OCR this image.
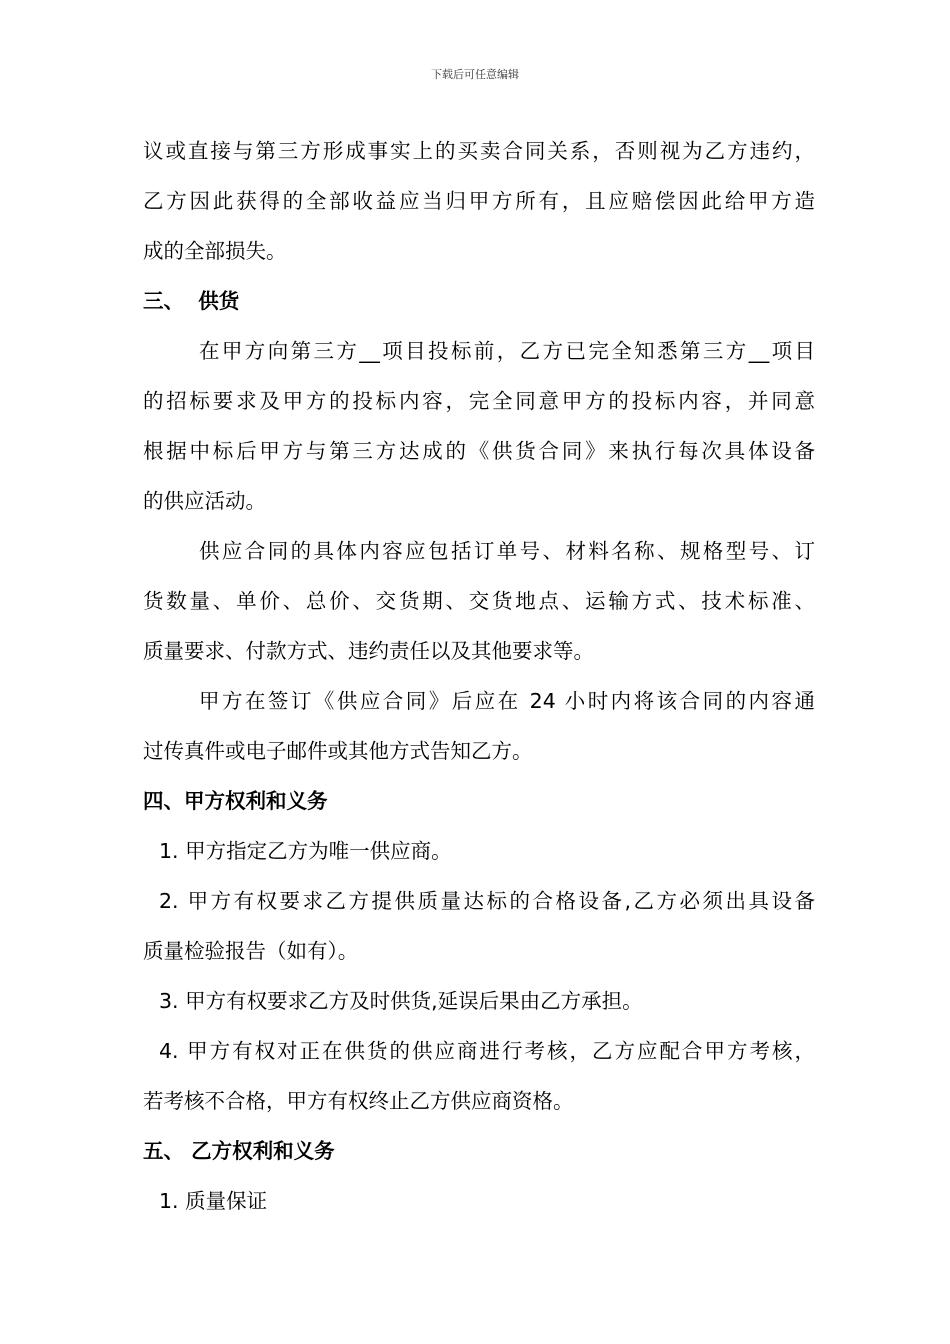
下载后可任意编辑
议或直接与第三方形成事实上的买卖合同关系，否则视为乙方违约，
乙方因此获得的全部收益应当归甲方所有，且应赔偿因此给甲方造
成的全部损失。
三、  供货
在甲方向第三方__项目投标前，乙方已完全知悉第三方__项目
的招标要求及甲方的投标内容，完全同意甲方的投标内容，并同意
根据中标后甲方与第三方达成的《供货合同》来执行每次具体设备
的供应活动。
供应合同的具体内容应包括订单号、材料名称、规格型号、订
货数量、单价、总价、交货期、交货地点、运输方式、技术标准、
质量要求、付款方式、违约责任以及其他要求等。
甲方在签订《供应合同》后应在 24 小时内将该合同的内容通
过传真件或电子邮件或其他方式告知乙方。
四、甲方权利和义务
1. 甲方指定乙方为唯一供应商。
2. 甲方有权要求乙方提供质量达标的合格设备,乙方必须出具设备
质量检验报告（如有）。
3. 甲方有权要求乙方及时供货,延误后果由乙方承担。
4. 甲方有权对正在供货的供应商进行考核，乙方应配合甲方考核，
若考核不合格，甲方有权终止乙方供应商资格。
五、 乙方权利和义务
1. 质量保证
